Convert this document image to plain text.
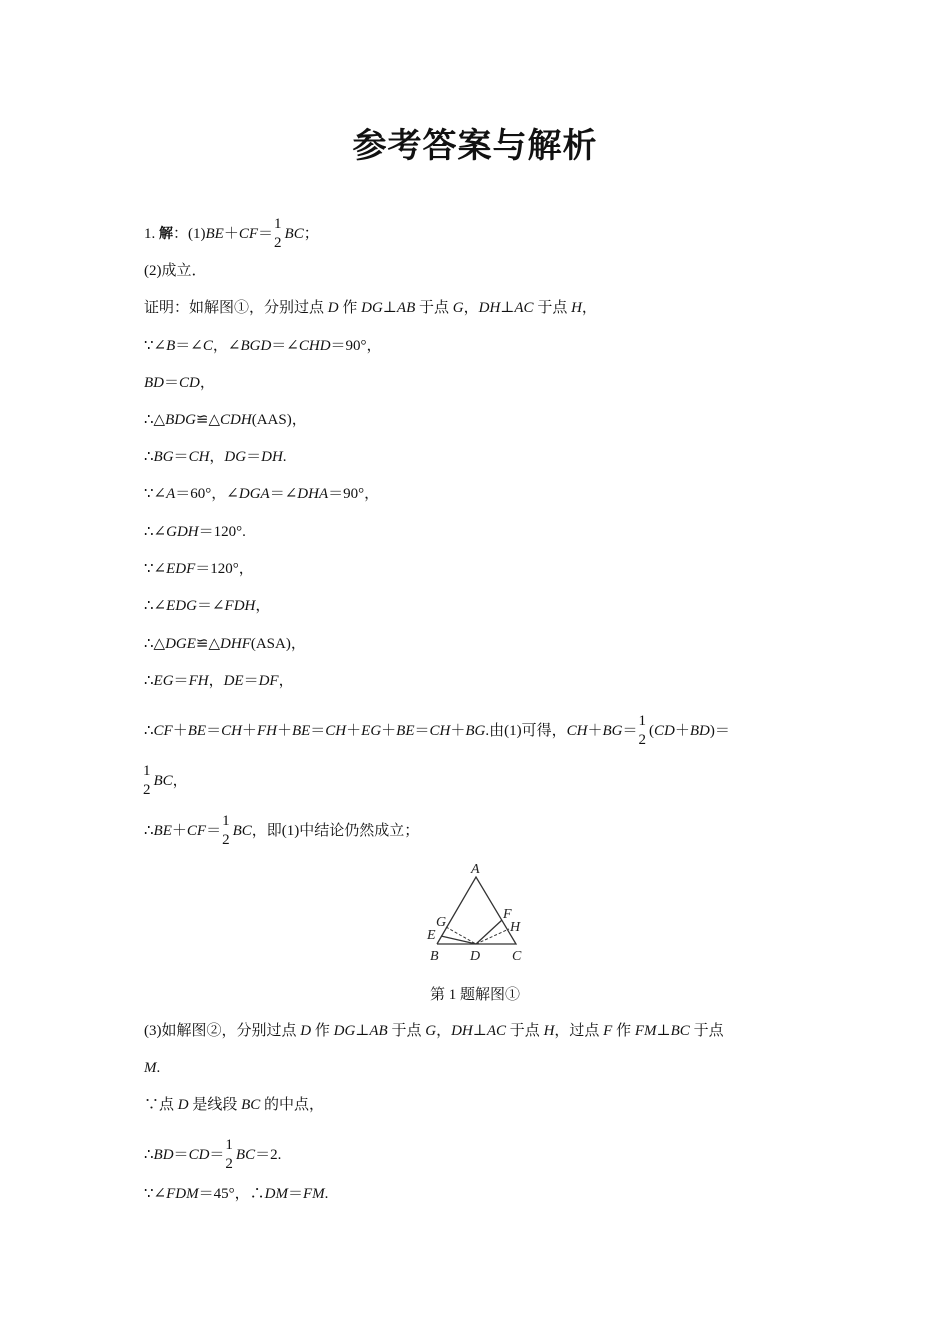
参考答案与解析
1. 解：(1)BE＋CF＝
1
2
BC；
(2)成立．
证明：如解图①，分别过点 D 作 DG⊥AB 于点 G，DH⊥AC 于点 H，
∵∠B＝∠C，∠BGD＝∠CHD＝90°，
BD＝CD，
∴△BDG≌△CDH(AAS)，
∴BG＝CH，DG＝DH.
∵∠A＝60°，∠DGA＝∠DHA＝90°，
∴∠GDH＝120°.
∵∠EDF＝120°，
∴∠EDG＝∠FDH，
∴△DGE≌△DHF(ASA)，
∴EG＝FH，DE＝DF，
∴CF＋BE＝CH＋FH＋BE＝CH＋EG＋BE＝CH＋BG.由(1)可得，CH＋BG＝
1
2
(CD＋BD)＝
1
2
BC，
∴BE＋CF＝
1
2
BC，即(1)中结论仍然成立；
A
B	C
D
E
F
G	H
第 1 题解图①
(3)如解图②，分别过点 D 作 DG⊥AB 于点 G，DH⊥AC 于点 H，过点 F 作 FM⊥BC 于点
M.
∵点 D 是线段 BC 的中点，
∴BD＝CD＝
1
2
BC＝2.
∵∠FDM＝45°，∴DM＝FM.
